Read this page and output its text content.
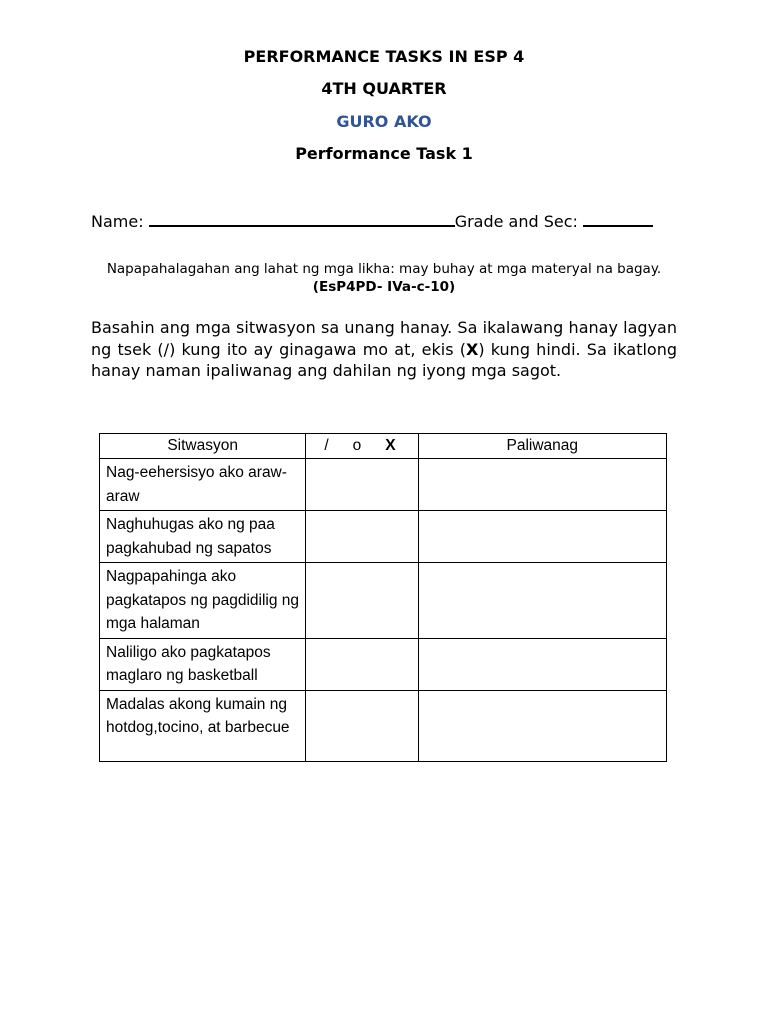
PERFORMANCE TASKS IN ESP 4
4TH QUARTER
GURO AKO
Performance Task 1
Name:	Grade and Sec:
Napapahalagahan ang lahat ng mga likha: may buhay at mga materyal na bagay. (EsP4PD- IVa-c-10)
Basahin ang mga sitwasyon sa unang hanay. Sa ikalawang hanay lagyan ng tsek (/) kung ito ay ginagawa mo at, ekis (X) kung hindi. Sa ikatlong hanay naman ipaliwanag ang dahilan ng iyong mga sagot.
Sitwasyon	/ o X	Paliwanag
Nag-eehersisyo ako araw-araw		
Naghuhugas ako ng paa pagkahubad ng sapatos		
Nagpapahinga ako pagkatapos ng pagdidilig ng mga halaman		
Naliligo ako pagkatapos maglaro ng basketball		
Madalas akong kumain ng hotdog,tocino, at barbecue		
